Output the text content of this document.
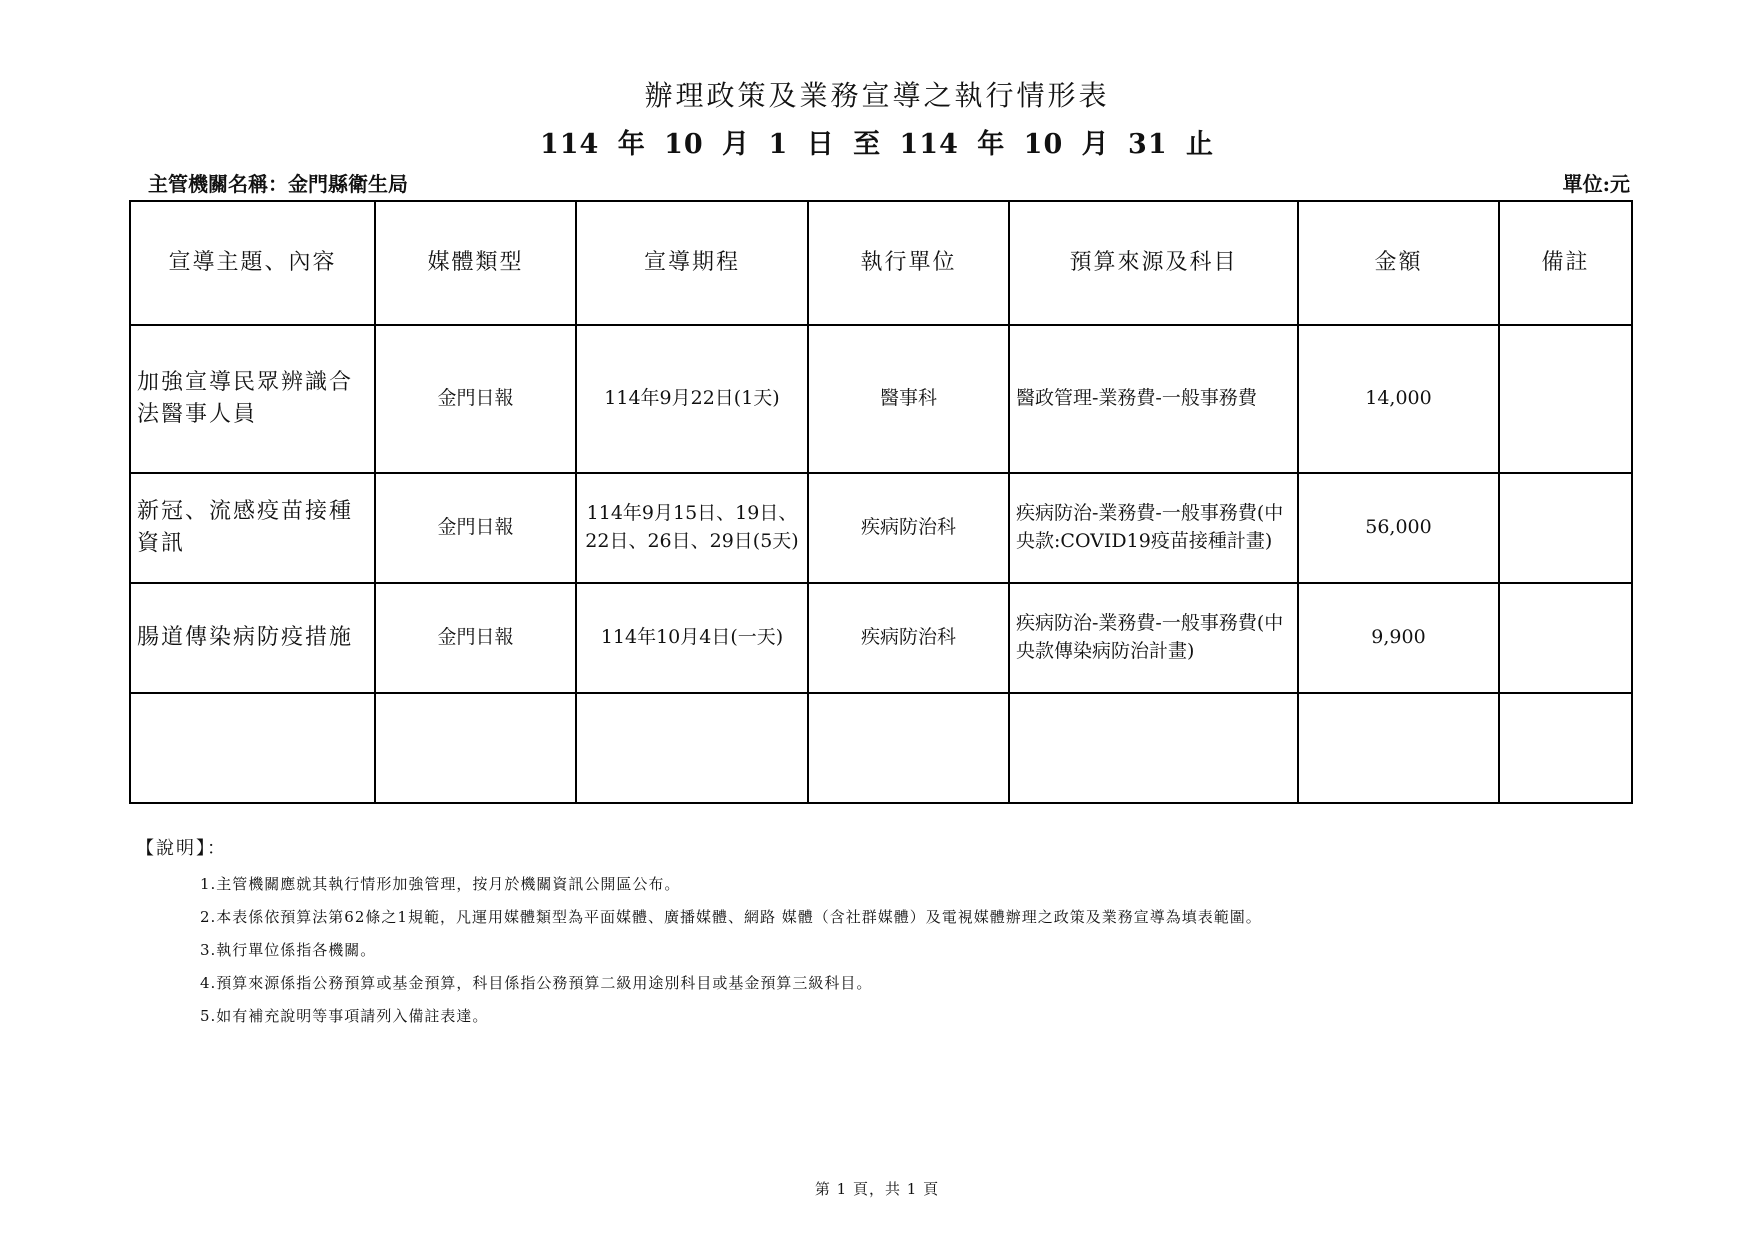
辦理政策及業務宣導之執行情形表
114 年 10 月 1 日 至 114 年 10 月 31 止
主管機關名稱：金門縣衛生局	單位:元
宣導主題、內容	媒體類型	宣導期程	執行單位	預算來源及科目	金額	備註
加強宣導民眾辨識合法醫事人員	金門日報	114年9月22日(1天)	醫事科	醫政管理-業務費-一般事務費	14,000	
新冠、流感疫苗接種資訊	金門日報	114年9月15日、19日、22日、26日、29日(5天)	疾病防治科	疾病防治-業務費-一般事務費(中央款:COVID19疫苗接種計畫)	56,000	
腸道傳染病防疫措施	金門日報	114年10月4日(一天)	疾病防治科	疾病防治-業務費-一般事務費(中央款傳染病防治計畫)	9,900	

【說明】：
1.主管機關應就其執行情形加強管理，按月於機關資訊公開區公布。
2.本表係依預算法第62條之1規範，凡運用媒體類型為平面媒體、廣播媒體、網路 媒體（含社群媒體）及電視媒體辦理之政策及業務宣導為填表範圍。
3.執行單位係指各機關。
4.預算來源係指公務預算或基金預算，科目係指公務預算二級用途別科目或基金預算三級科目。
5.如有補充說明等事項請列入備註表達。
第 1 頁，共 1 頁
